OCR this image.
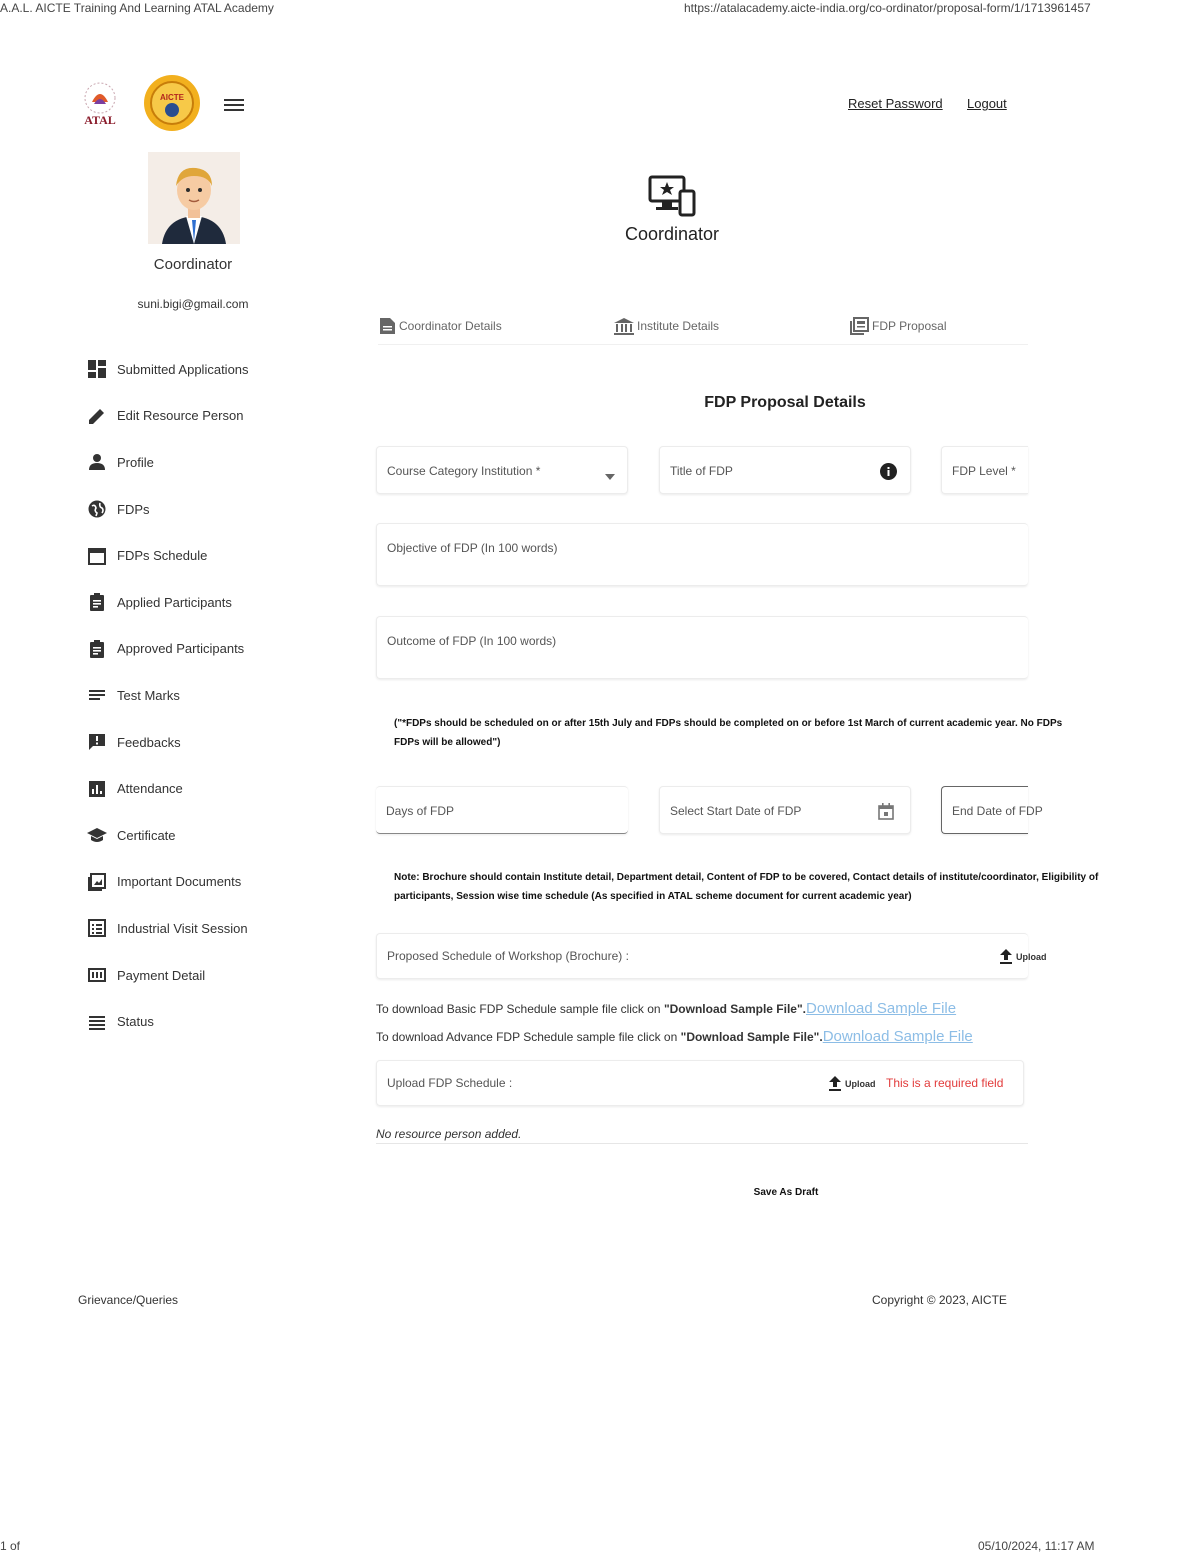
A.A.L. AICTE Training And Learning ATAL Academy	https://atalacademy.aicte-india.org/co-ordinator/proposal-form/1/1713961457
1 of	05/10/2024, 11:17 AM
ATAL
AICTE	Reset Password Logout
Coordinator
suni.bigi@gmail.com
Submitted Applications
Edit Resource Person
Profile
FDPs
FDPs Schedule
Applied Participants
Approved Participants
Test Marks
Feedbacks
Attendance
Certificate
Important Documents
Industrial Visit Session
Payment Detail
Status
Coordinator
Coordinator Details	Institute Details	FDP Proposal
FDP Proposal Details
Course Category Institution *	Title of FDP	FDP Level *
Objective of FDP (In 100 words)
Outcome of FDP (In 100 words)
("*FDPs should be scheduled on or after 15th July and FDPs should be completed on or before 1st March of current academic year. No FDPs
FDPs will be allowed")
Days of FDP	Select Start Date of FDP	End Date of FDP
Note: Brochure should contain Institute detail, Department detail, Content of FDP to be covered, Contact details of institute/coordinator, Eligibility of
participants, Session wise time schedule (As specified in ATAL scheme document for current academic year)
Proposed Schedule of Workshop (Brochure) :	Upload
To download Basic FDP Schedule sample file click on "Download Sample File".Download Sample File
To download Advance FDP Schedule sample file click on "Download Sample File".Download Sample File
Upload FDP Schedule :	Upload This is a required field
No resource person added.
Save As Draft
Grievance/Queries	Copyright © 2023, AICTE
